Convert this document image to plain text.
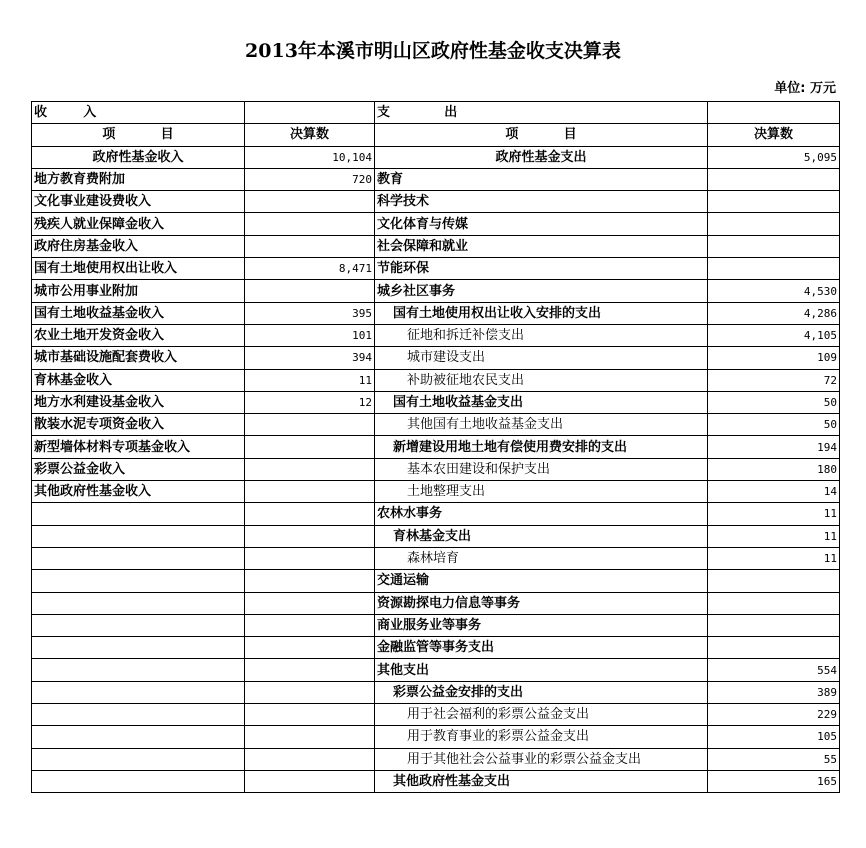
2013年本溪市明山区政府性基金收支决算表
单位: 万元
收        入		支            出	
项          目	决算数	项          目	决算数
政府性基金收入	10,104	政府性基金支出	5,095
地方教育费附加	720	教育	
文化事业建设费收入		科学技术	
残疾人就业保障金收入		文化体育与传媒	
政府住房基金收入		社会保障和就业	
国有土地使用权出让收入	8,471	节能环保	
城市公用事业附加		城乡社区事务	4,530
国有土地收益基金收入	395	国有土地使用权出让收入安排的支出	4,286
农业土地开发资金收入	101	征地和拆迁补偿支出	4,105
城市基础设施配套费收入	394	城市建设支出	109
育林基金收入	11	补助被征地农民支出	72
地方水利建设基金收入	12	国有土地收益基金支出	50
散装水泥专项资金收入		其他国有土地收益基金支出	50
新型墙体材料专项基金收入		新增建设用地土地有偿使用费安排的支出	194
彩票公益金收入		基本农田建设和保护支出	180
其他政府性基金收入		土地整理支出	14
		农林水事务	11
		育林基金支出	11
		森林培育	11
		交通运输	
		资源勘探电力信息等事务	
		商业服务业等事务	
		金融监管等事务支出	
		其他支出	554
		彩票公益金安排的支出	389
		用于社会福利的彩票公益金支出	229
		用于教育事业的彩票公益金支出	105
		用于其他社会公益事业的彩票公益金支出	55
		其他政府性基金支出	165
